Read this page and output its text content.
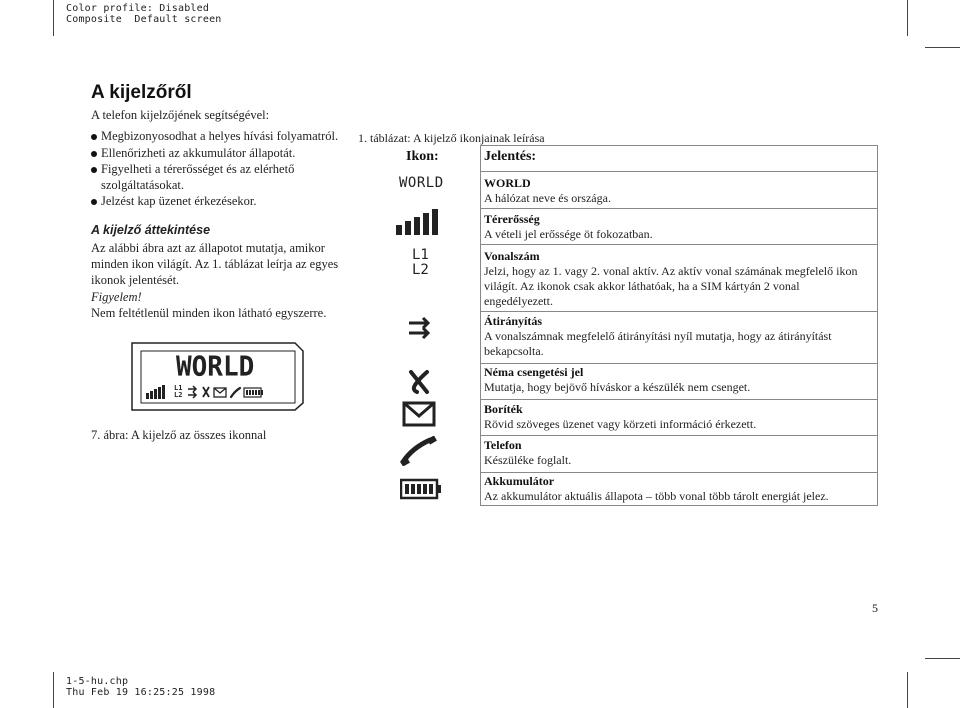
Color profile: Disabled
Composite  Default screen
A kijelzőről
A telefon kijelzőjének segítségével:
Megbizonyosodhat a helyes hívási folyamatról.
Ellenőrizheti az akkumulátor állapotát.
Figyelheti a térerősséget és az elérhető
szolgáltatásokat.
Jelzést kap üzenet érkezésekor.
A kijelző áttekintése
Az alábbi ábra azt az állapotot mutatja, amikor
minden ikon világít. Az 1. táblázat leírja az egyes
ikonok jelentését.
Figyelem!
Nem feltétlenül minden ikon látható egyszerre.
WORLD
L1
L2
7. ábra: A kijelző az összes ikonnal
1. táblázat: A kijelző ikonjainak leírása
Ikon:	Jelentés:
WORLD
L1
L2
WORLD
A hálózat neve és országa.
Térerősség
A vételi jel erőssége öt fokozatban.
Vonalszám
Jelzi, hogy az 1. vagy 2. vonal aktív. Az aktív vonal számának megfelelő ikon
világít. Az ikonok csak akkor láthatóak, ha a SIM kártyán 2 vonal
engedélyezett.
Átirányítás
A vonalszámnak megfelelő átirányítási nyíl mutatja, hogy az átirányítást
bekapcsolta.
Néma csengetési jel
Mutatja, hogy bejövő híváskor a készülék nem csenget.
Boríték
Rövid szöveges üzenet vagy körzeti információ érkezett.
Telefon
Készüléke foglalt.
Akkumulátor
Az akkumulátor aktuális állapota – több vonal több tárolt energiát jelez.
5
1-5-hu.chp
Thu Feb 19 16:25:25 1998
